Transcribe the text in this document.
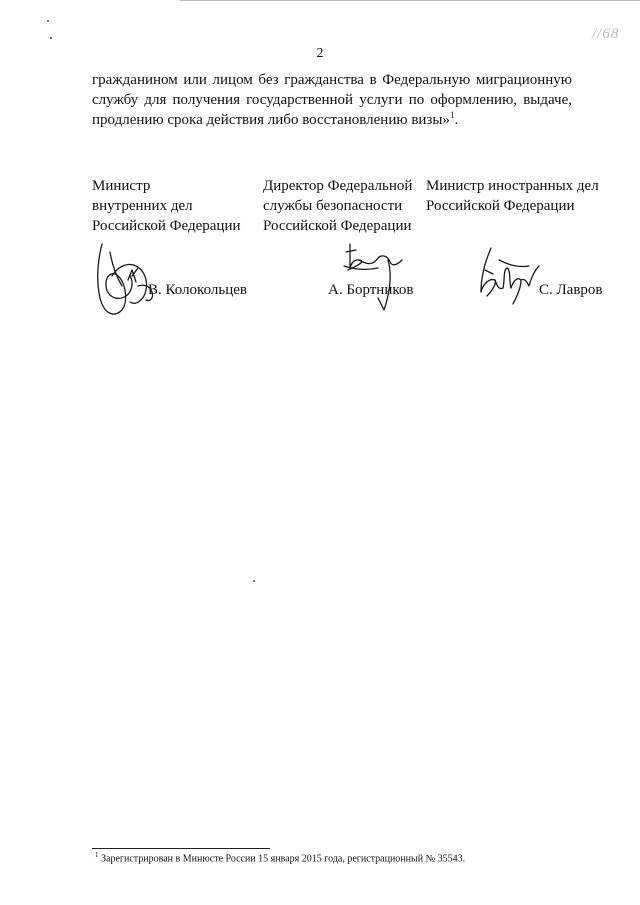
//68
2
гражданином или лицом без гражданства в Федеральную миграционную
службу для получения государственной услуги по оформлению, выдаче,
продлению срока действия либо восстановлению визы»$^1$.
Министр
внутренних дел
Российской Федерации
Директор Федеральной
службы безопасности
Российской Федерации
Министр иностранных дел
Российской Федерации
В. Колокольцев	А. Бортников	С. Лавров
$^1$ Зарегистрирован в Минюсте России 15 января 2015 года, регистрационный № 35543.
